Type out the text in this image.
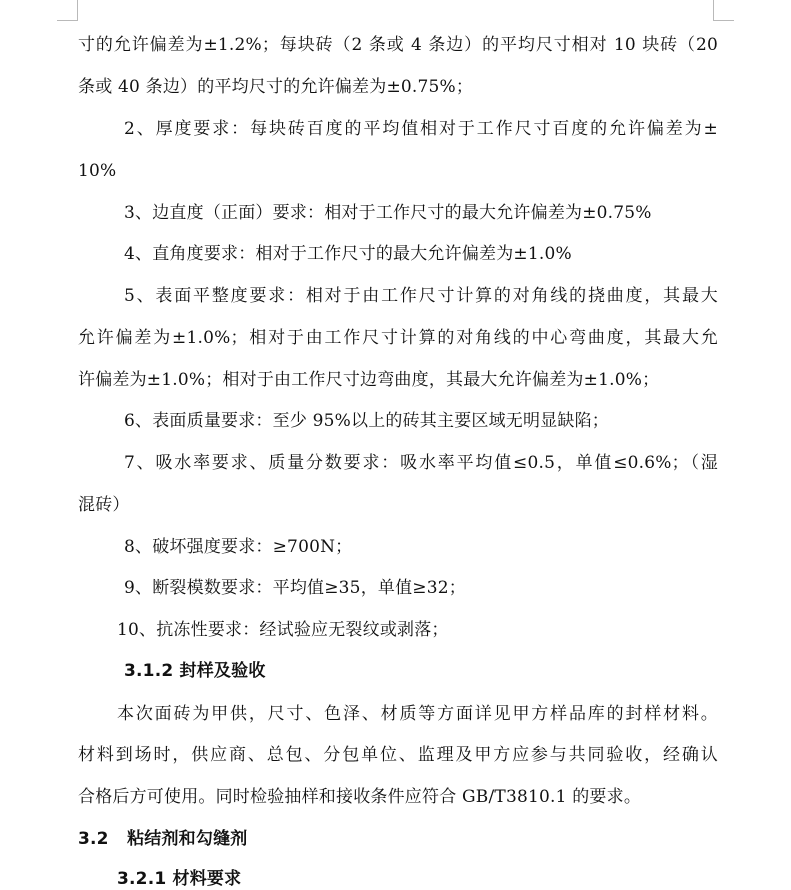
寸的允许偏差为±1.2%；每块砖（2 条或 4 条边）的平均尺寸相对 10 块砖（20
条或 40 条边）的平均尺寸的允许偏差为±0.75%；
2、厚度要求：每块砖百度的平均值相对于工作尺寸百度的允许偏差为±
10%
3、边直度（正面）要求：相对于工作尺寸的最大允许偏差为±0.75%
4、直角度要求：相对于工作尺寸的最大允许偏差为±1.0%
5、表面平整度要求：相对于由工作尺寸计算的对角线的挠曲度，其最大
允许偏差为±1.0%；相对于由工作尺寸计算的对角线的中心弯曲度，其最大允
许偏差为±1.0%；相对于由工作尺寸边弯曲度，其最大允许偏差为±1.0%；
6、表面质量要求：至少 95%以上的砖其主要区域无明显缺陷；
7、吸水率要求、质量分数要求：吸水率平均值≤0.5，单值≤0.6%；（湿
混砖）
8、破坏强度要求：≥700N；
9、断裂模数要求：平均值≥35，单值≥32；
10、抗冻性要求：经试验应无裂纹或剥落；
3.1.2 封样及验收
本次面砖为甲供，尺寸、色泽、材质等方面详见甲方样品库的封样材料。
材料到场时，供应商、总包、分包单位、监理及甲方应参与共同验收，经确认
合格后方可使用。同时检验抽样和接收条件应符合 GB/T3810.1 的要求。
3.2   粘结剂和勾缝剂
3.2.1 材料要求
